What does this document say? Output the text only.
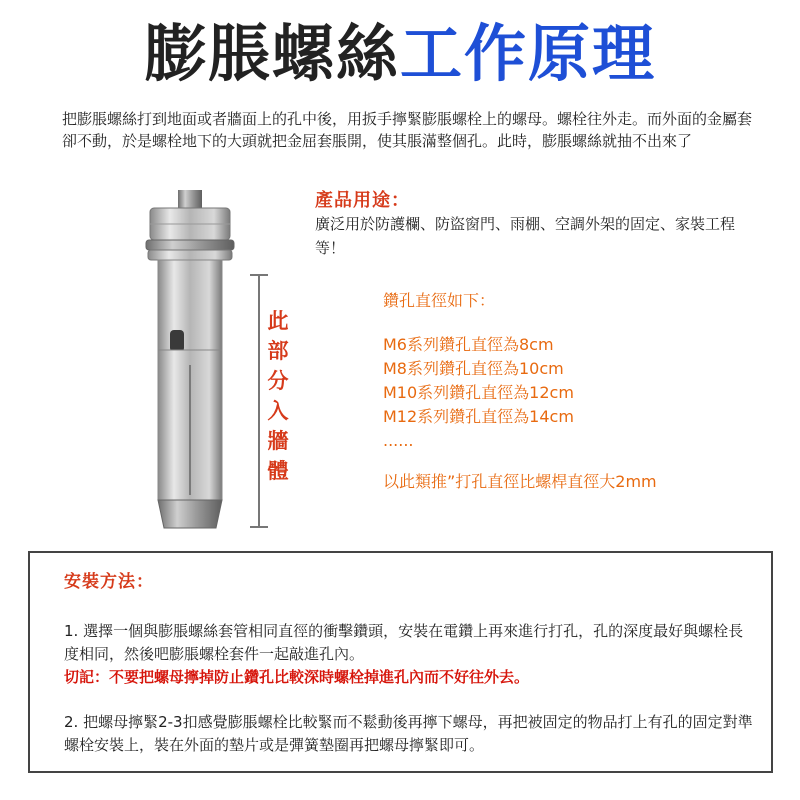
膨脹螺絲工作原理
把膨脹螺絲打到地面或者牆面上的孔中後，用扳手擰緊膨脹螺栓上的螺母。螺栓往外走。而外面的金屬套卻不動，於是螺栓地下的大頭就把金屈套脹開，使其脹滿整個孔。此時，膨脹螺絲就抽不出來了
此部分入牆體
產品用途：
廣泛用於防護欄、防盜窗門、雨棚、空調外架的固定、家裝工程等！
鑽孔直徑如下：
M6系列鑽孔直徑為8cm
M8系列鑽孔直徑為10cm
M10系列鑽孔直徑為12cm
M12系列鑽孔直徑為14cm
......
以此類推”打孔直徑比螺桿直徑大2mm
安裝方法：
1. 選擇一個與膨脹螺絲套管相同直徑的衝擊鑽頭，安裝在電鑽上再來進行打孔，孔的深度最好與螺栓長度相同，然後吧膨脹螺栓套件一起敲進孔內。
切記：不要把螺母擰掉防止鑽孔比較深時螺栓掉進孔內而不好往外去。
2. 把螺母擰緊2-3扣感覺膨脹螺栓比較緊而不鬆動後再擰下螺母，再把被固定的物品打上有孔的固定對準螺栓安裝上，裝在外面的墊片或是彈簧墊圈再把螺母擰緊即可。
